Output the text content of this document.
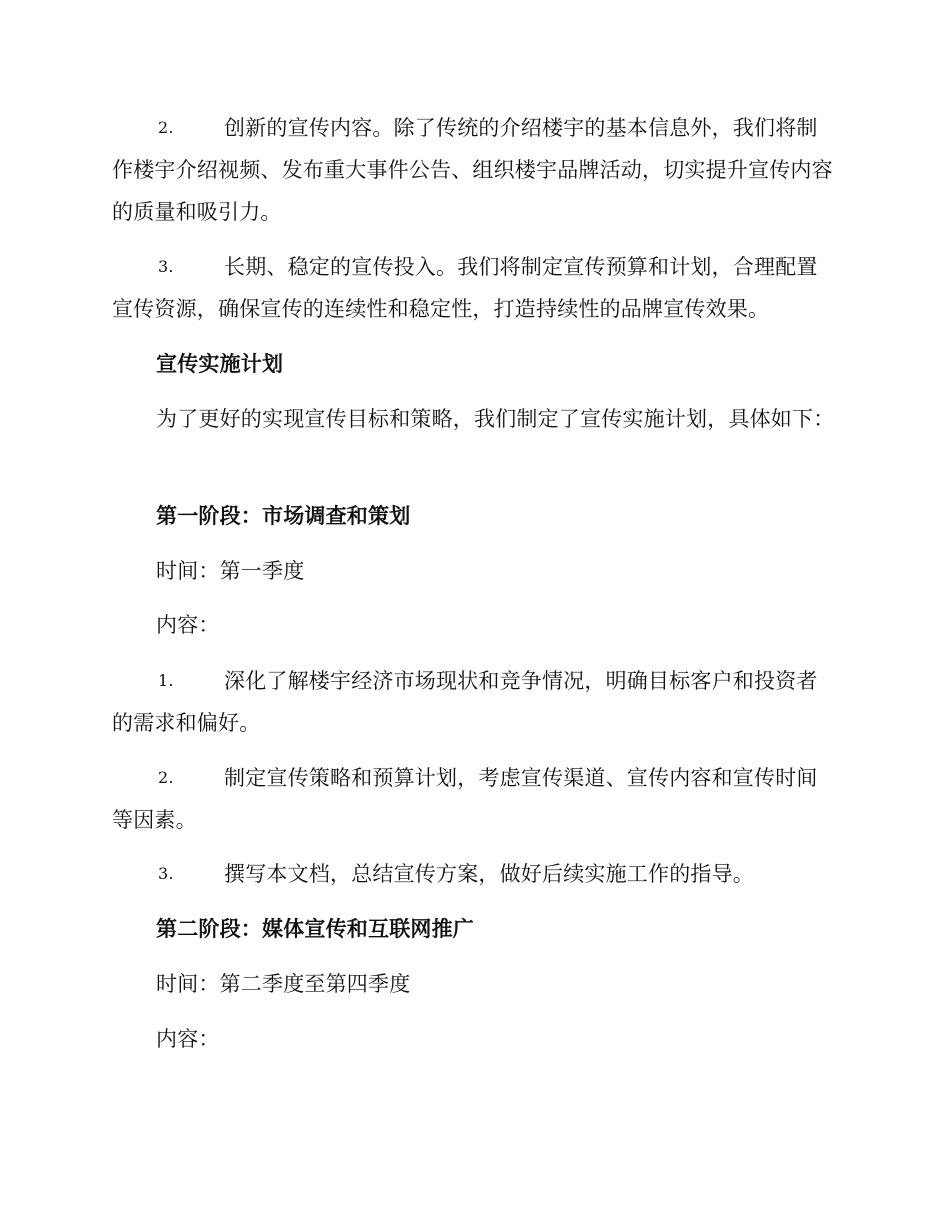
2.	创新的宣传内容。除了传统的介绍楼宇的基本信息外，我们将制
作楼宇介绍视频、发布重大事件公告、组织楼宇品牌活动，切实提升宣传内容的质量和吸引力。
3.	长期、稳定的宣传投入。我们将制定宣传预算和计划，合理配置
宣传资源，确保宣传的连续性和稳定性，打造持续性的品牌宣传效果。
宣传实施计划
为了更好的实现宣传目标和策略，我们制定了宣传实施计划，具体如下：
第一阶段：市场调查和策划
时间：第一季度
内容：
1.	深化了解楼宇经济市场现状和竞争情况，明确目标客户和投资者
的需求和偏好。
2.	制定宣传策略和预算计划，考虑宣传渠道、宣传内容和宣传时间
等因素。
3.	撰写本文档，总结宣传方案，做好后续实施工作的指导。
第二阶段：媒体宣传和互联网推广
时间：第二季度至第四季度
内容：
